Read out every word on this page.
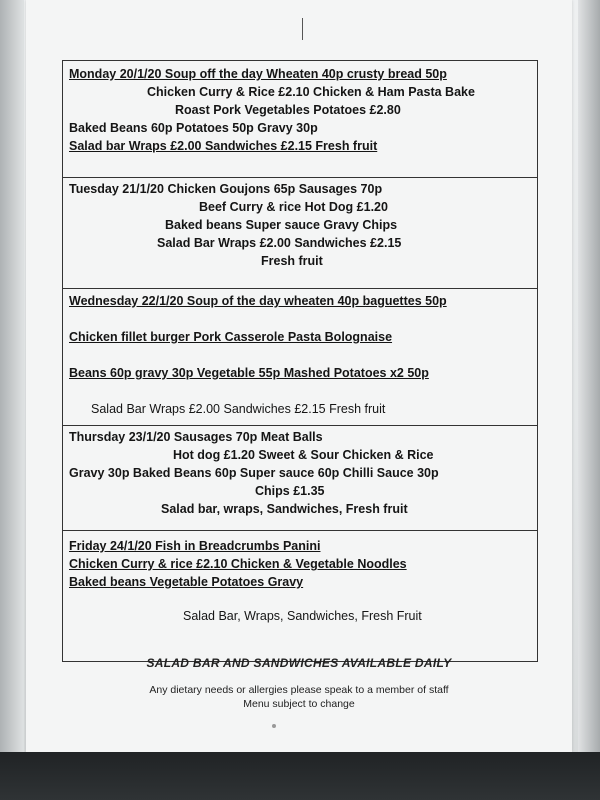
Monday 20/1/20 Soup off the day Wheaten 40p crusty bread 50p
Chicken Curry & Rice £2.10 Chicken & Ham Pasta Bake
Roast Pork Vegetables Potatoes £2.80
Baked Beans 60p Potatoes 50p Gravy 30p
Salad bar Wraps £2.00 Sandwiches £2.15 Fresh fruit
Tuesday 21/1/20 Chicken Goujons 65p Sausages 70p
Beef Curry & rice Hot Dog £1.20
Baked beans Super sauce Gravy Chips
Salad Bar Wraps £2.00 Sandwiches £2.15
Fresh fruit
Wednesday 22/1/20 Soup of the day wheaten 40p baguettes 50p
Chicken fillet burger Pork Casserole Pasta Bolognaise
Beans 60p gravy 30p Vegetable 55p Mashed Potatoes x2 50p
Salad Bar Wraps £2.00 Sandwiches £2.15 Fresh fruit
Thursday 23/1/20 Sausages 70p Meat Balls
Hot dog £1.20 Sweet & Sour Chicken & Rice
Gravy 30p Baked Beans 60p Super sauce 60p Chilli Sauce 30p
Chips £1.35
Salad bar, wraps, Sandwiches, Fresh fruit
Friday 24/1/20 Fish in Breadcrumbs Panini
Chicken Curry & rice £2.10 Chicken & Vegetable Noodles
Baked beans Vegetable Potatoes Gravy
Salad Bar, Wraps, Sandwiches, Fresh Fruit
SALAD BAR AND SANDWICHES AVAILABLE DAILY
Any dietary needs or allergies please speak to a member of staff
Menu subject to change
